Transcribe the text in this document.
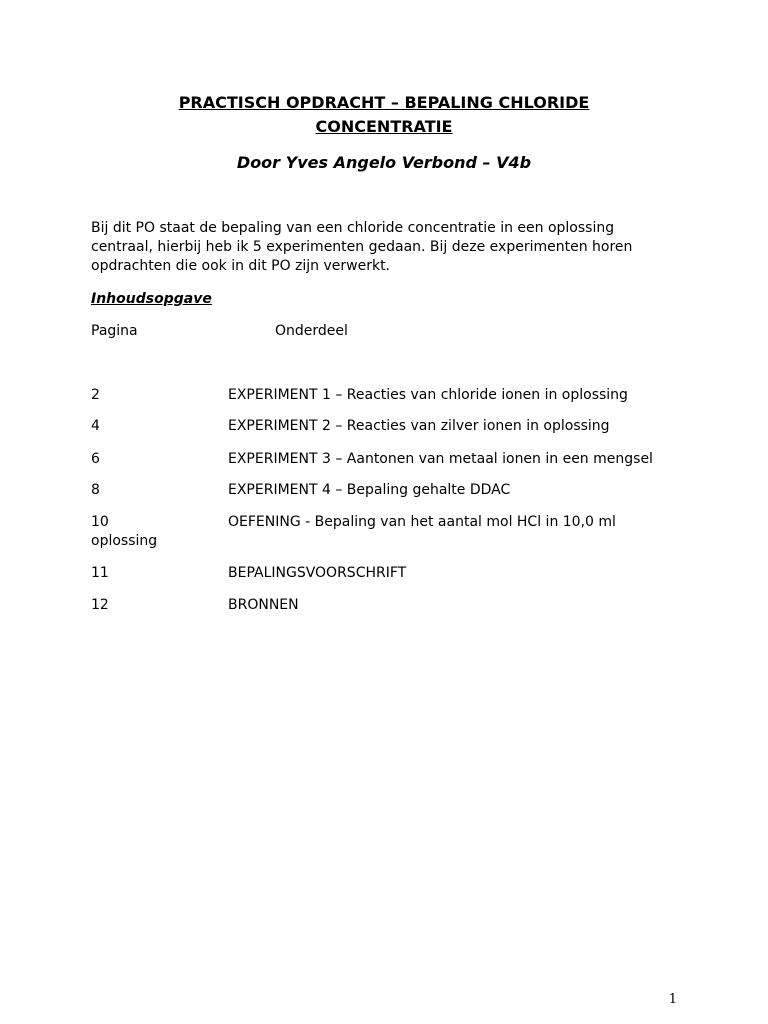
PRACTISCH OPDRACHT – BEPALING CHLORIDE
CONCENTRATIE
Door Yves Angelo Verbond – V4b
Bij dit PO staat de bepaling van een chloride concentratie in een oplossing
centraal, hierbij heb ik 5 experimenten gedaan. Bij deze experimenten horen
opdrachten die ook in dit PO zijn verwerkt.
Inhoudsopgave
Pagina	Onderdeel
2	EXPERIMENT 1 – Reacties van chloride ionen in oplossing
4	EXPERIMENT 2 – Reacties van zilver ionen in oplossing
6	EXPERIMENT 3 – Aantonen van metaal ionen in een mengsel
8	EXPERIMENT 4 – Bepaling gehalte DDAC
10	OEFENING - Bepaling van het aantal mol HCl in 10,0 ml
oplossing
11	BEPALINGSVOORSCHRIFT
12	BRONNEN
1
